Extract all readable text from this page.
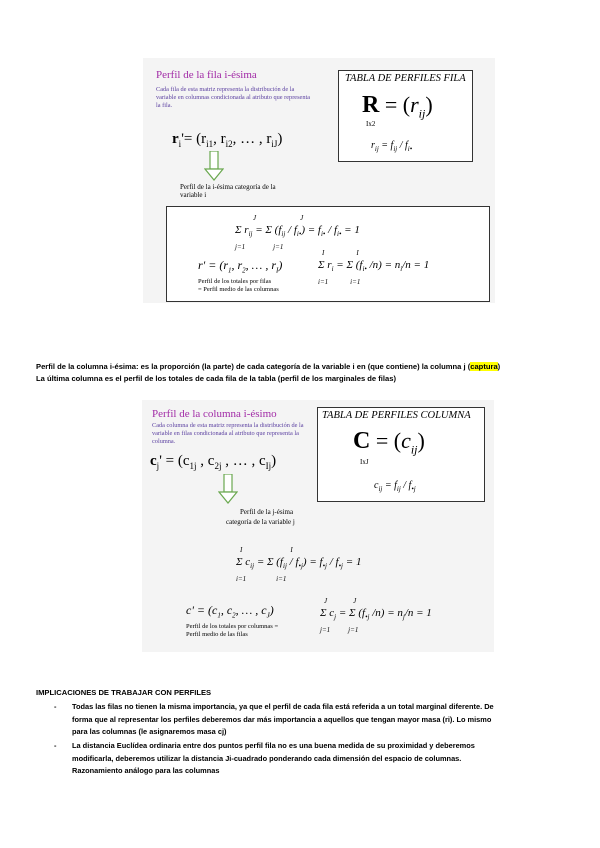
Perfil de la fila i-ésima
Cada fila de esta matriz representa la distribución de la variable en columnas condicionada al atributo que representa la fila.
$r_i'= (r_{i1}$, $r_{i2}$, … , $r_{iJ}$)
Perfil de la i-ésima categoría de la variable i
TABLA DE PERFILES FILA
$R = (r_{ij})$
Ix2
$r_{ij} = f_{ij} / f_{i•}$
J	J
Σ $r_{ij} = \Sigma$ $(f_{ij} / f_{i•}) = f_{i•} / f_{i•} = 1$
j=1	j=1
$r' = (r_1$, $r_2$, … , $r_I$)
Perfil de los totales por filas
= Perfil medio de las columnas
I	I
Σ $r_i = \Sigma$ ($f_{i•}$ $/n) = n_i/n = 1$
i=1	i=1
Perfil de la columna i-ésima: es la proporción (la parte) de cada categoría de la variable i en (que contiene) la columna j (captura)
La última columna es el perfil de los totales de cada fila de la tabla (perfil de los marginales de filas)
Perfil de la columna i-ésimo
Cada columna de esta matriz representa la distribución de la variable en filas condicionada al atributo que representa la columna.
$c_j' = (c_{1j}$ , $c_{2j}$ , … , $c_{Ij}$)
Perfil de la j-ésima
categoría de la variable j
TABLA DE PERFILES COLUMNA
$C = (c_{ij})$
IxJ
$c_{ij} = f_{ij} / f_{•j}$
I	I
Σ $c_{ij} = \Sigma$ $(f_{ij} / f_{•j}) = f_{•j} / f_{•j} = 1$
i=1	i=1
$c' = (c_1$, $c_2$, … , $c_J$)
Perfil de los totales por columnas =
Perfil medio de las filas
J	J
Σ $c_j = \Sigma$ ($f_{•j}$ $/n) = n_j/n = 1$
j=1	j=1
IMPLICACIONES DE TRABAJAR CON PERFILES
- Todas las filas no tienen la misma importancia, ya que el perfil de cada fila está referida a un total marginal diferente. De
forma que al representar los perfiles deberemos dar más importancia a aquellos que tengan mayor masa (ri). Lo mismo
para las columnas (le asignaremos masa cj)
- La distancia Euclídea ordinaria entre dos puntos perfil fila no es una buena medida de su proximidad y deberemos
modificarla, deberemos utilizar la distancia Ji-cuadrado ponderando cada dimensión del espacio de columnas.
Razonamiento análogo para las columnas
